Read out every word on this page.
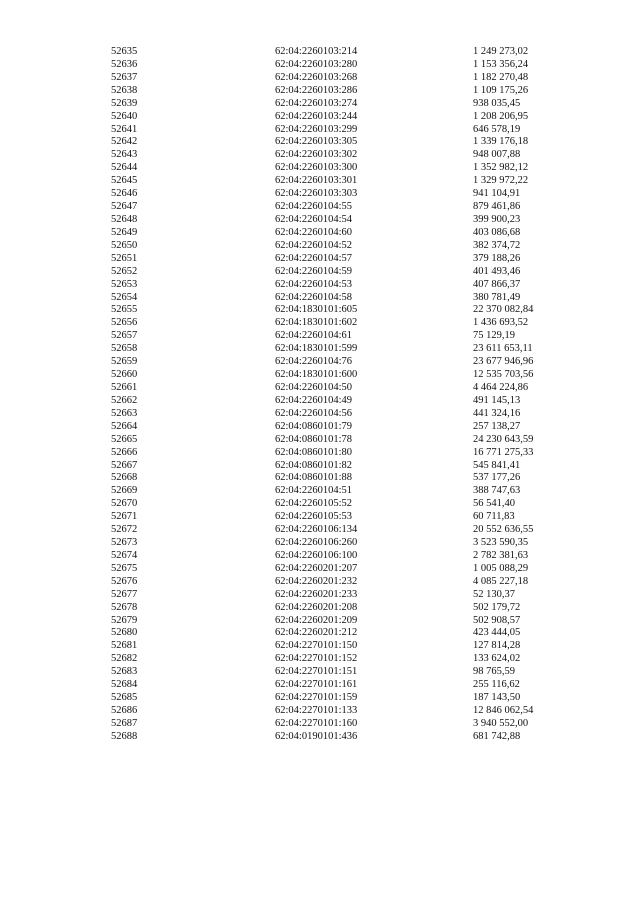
52635	62:04:2260103:214	1 249 273,02
52636	62:04:2260103:280	1 153 356,24
52637	62:04:2260103:268	1 182 270,48
52638	62:04:2260103:286	1 109 175,26
52639	62:04:2260103:274	938 035,45
52640	62:04:2260103:244	1 208 206,95
52641	62:04:2260103:299	646 578,19
52642	62:04:2260103:305	1 339 176,18
52643	62:04:2260103:302	948 007,88
52644	62:04:2260103:300	1 352 982,12
52645	62:04:2260103:301	1 329 972,22
52646	62:04:2260103:303	941 104,91
52647	62:04:2260104:55	879 461,86
52648	62:04:2260104:54	399 900,23
52649	62:04:2260104:60	403 086,68
52650	62:04:2260104:52	382 374,72
52651	62:04:2260104:57	379 188,26
52652	62:04:2260104:59	401 493,46
52653	62:04:2260104:53	407 866,37
52654	62:04:2260104:58	380 781,49
52655	62:04:1830101:605	22 370 082,84
52656	62:04:1830101:602	1 436 693,52
52657	62:04:2260104:61	75 129,19
52658	62:04:1830101:599	23 611 653,11
52659	62:04:2260104:76	23 677 946,96
52660	62:04:1830101:600	12 535 703,56
52661	62:04:2260104:50	4 464 224,86
52662	62:04:2260104:49	491 145,13
52663	62:04:2260104:56	441 324,16
52664	62:04:0860101:79	257 138,27
52665	62:04:0860101:78	24 230 643,59
52666	62:04:0860101:80	16 771 275,33
52667	62:04:0860101:82	545 841,41
52668	62:04:0860101:88	537 177,26
52669	62:04:2260104:51	388 747,63
52670	62:04:2260105:52	56 541,40
52671	62:04:2260105:53	60 711,83
52672	62:04:2260106:134	20 552 636,55
52673	62:04:2260106:260	3 523 590,35
52674	62:04:2260106:100	2 782 381,63
52675	62:04:2260201:207	1 005 088,29
52676	62:04:2260201:232	4 085 227,18
52677	62:04:2260201:233	52 130,37
52678	62:04:2260201:208	502 179,72
52679	62:04:2260201:209	502 908,57
52680	62:04:2260201:212	423 444,05
52681	62:04:2270101:150	127 814,28
52682	62:04:2270101:152	133 624,02
52683	62:04:2270101:151	98 765,59
52684	62:04:2270101:161	255 116,62
52685	62:04:2270101:159	187 143,50
52686	62:04:2270101:133	12 846 062,54
52687	62:04:2270101:160	3 940 552,00
52688	62:04:0190101:436	681 742,88
